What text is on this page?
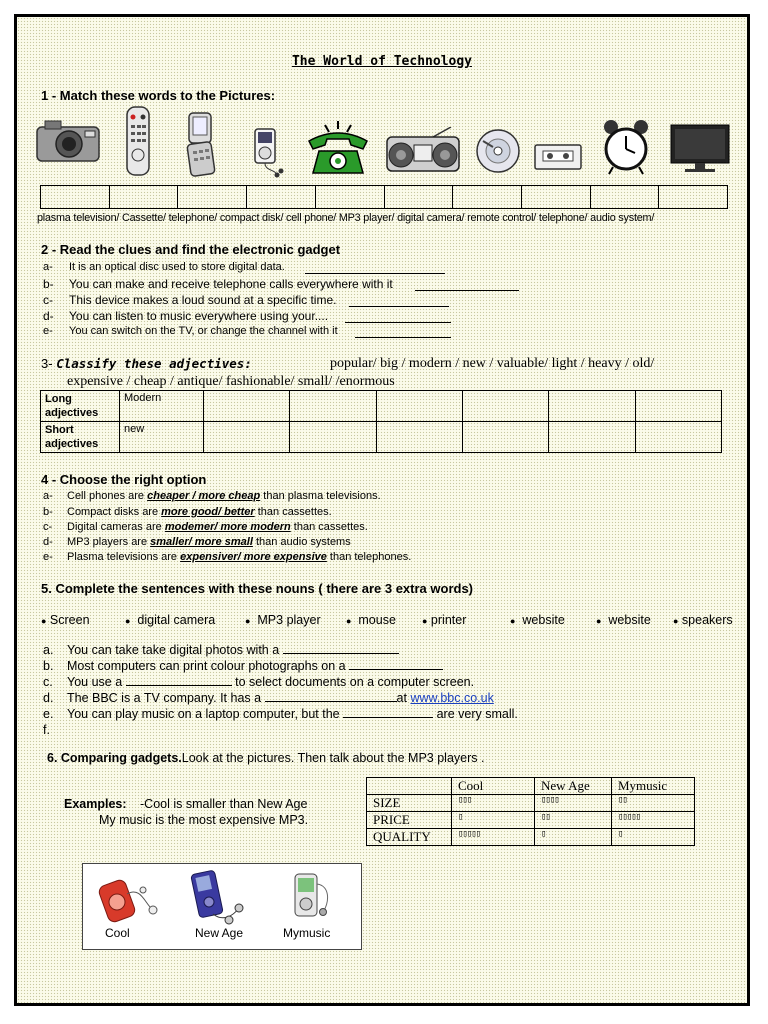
The World of Technology
1 - Match these words to the Pictures:
plasma television/ Cassette/ telephone/ compact disk/ cell phone/ MP3 player/ digital camera/ remote control/ telephone/ audio system/
2 - Read the clues and find the electronic gadget
a- It is an optical disc used to store digital data.
b- You can make and receive telephone calls everywhere with it
c- This device makes a loud sound at a specific time.
d- You can listen to music everywhere using your....
e- You can switch on the TV, or change the channel with it
3- Classify these adjectives:	popular/ big / modern / new / valuable/ light / heavy / old/
expensive / cheap / antique/ fashionable/ small/ /enormous
Long adjectives	Modern						
Short adjectives	new						
4 - Choose the right option
a- Cell phones are cheaper / more cheap than plasma televisions.
b- Compact disks are more good/ better than cassettes.
c- Digital cameras are modemer/ more modern than cassettes.
d- MP3 players are smaller/ more small than audio systems
e- Plasma televisions are expensiver/ more expensive than telephones.
5. Complete the sentences with these nouns ( there are 3 extra words)
● Screen	● digital camera	● MP3 player	● mouse	● printer	● website	● website ● speakers
a. You can take take digital photos with a
b. Most computers can print colour photographs on a
c. You use a	to select documents on a computer screen.
d. The BBC is a TV company. It has a	at www.bbc.co.uk
e. You can play music on a laptop computer, but the	are very small.
f.
6. Comparing gadgets.Look at the pictures. Then talk about the MP3 players .
Examples: -Cool is smaller than New Age
My music is the most expensive MP3.
	Cool	New Age	Mymusic
SIZE	▯▯▯	▯▯▯▯	▯▯
PRICE	▯	▯▯	▯▯▯▯▯
QUALITY	▯▯▯▯▯	▯	▯
Cool	New Age	Mymusic
